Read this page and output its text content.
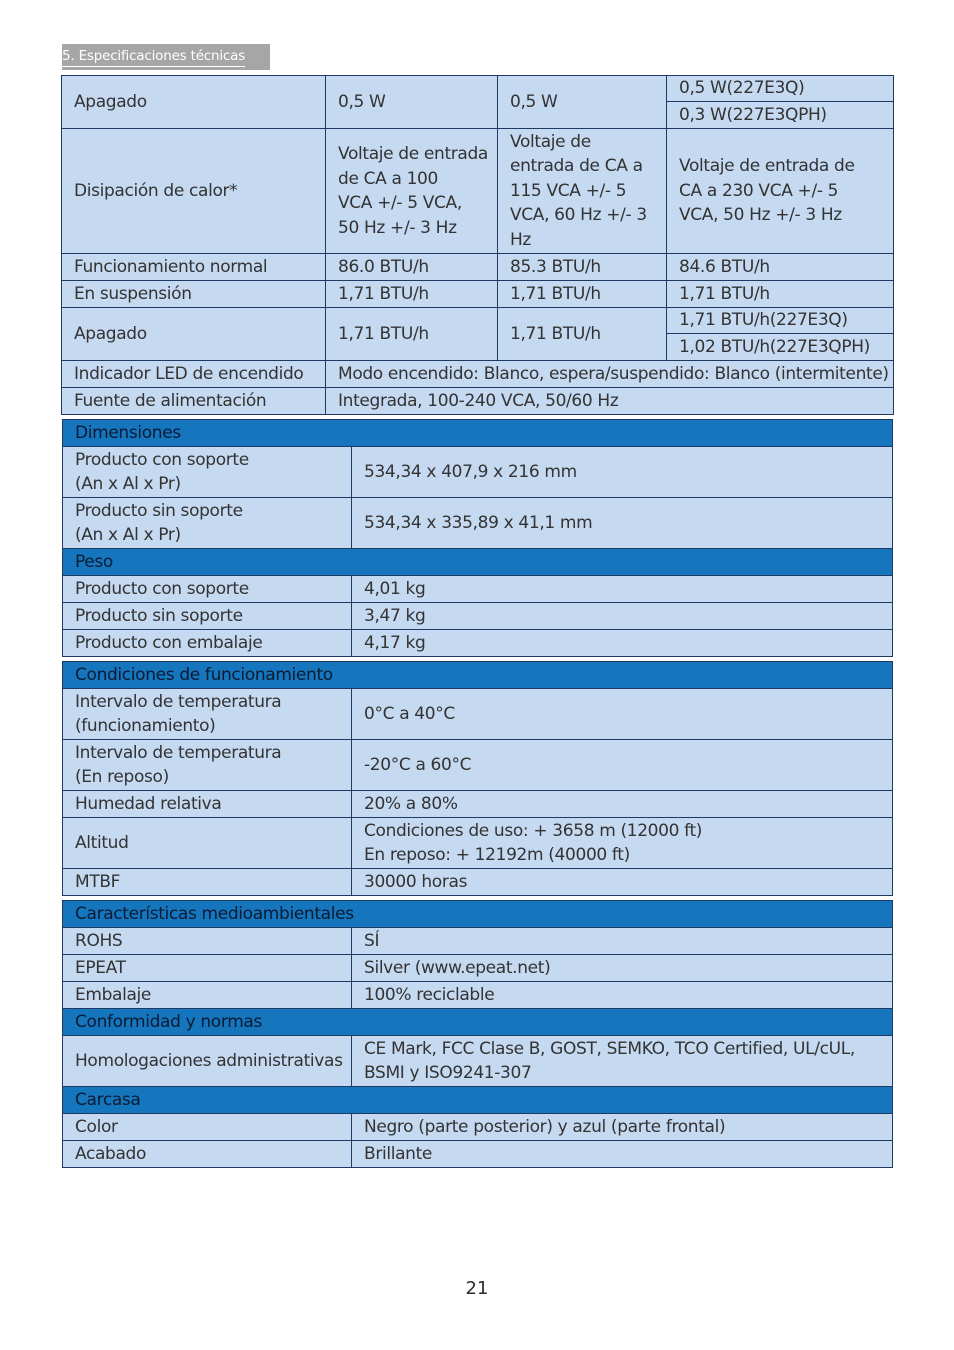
5. Especificaciones técnicas
Apagado	0,5 W	0,5 W	0,5 W(227E3Q)
			0,3 W(227E3QPH)
Disipación de calor*	Voltaje de entrada
de CA a 100
VCA +/- 5 VCA,
50 Hz +/- 3 Hz	Voltaje de
entrada de CA a
115 VCA +/- 5
VCA, 60 Hz +/- 3
Hz	Voltaje de entrada de
CA a 230 VCA +/- 5
VCA, 50 Hz +/- 3 Hz
Funcionamiento normal	86.0 BTU/h	85.3 BTU/h	84.6 BTU/h
En suspensión	1,71 BTU/h	1,71 BTU/h	1,71 BTU/h
Apagado	1,71 BTU/h	1,71 BTU/h	1,71 BTU/h(227E3Q)
			1,02 BTU/h(227E3QPH)
Indicador LED de encendido	Modo encendido: Blanco, espera/suspendido: Blanco (intermitente)		
Fuente de alimentación	Integrada, 100-240 VCA, 50/60 Hz		
Dimensiones	
Producto con soporte
(An x Al x Pr)	534,34 x 407,9 x 216 mm
Producto sin soporte
(An x Al x Pr)	534,34 x 335,89 x 41,1 mm
Peso	
Producto con soporte	4,01 kg
Producto sin soporte	3,47 kg
Producto con embalaje	4,17 kg
Condiciones de funcionamiento	
Intervalo de temperatura
(funcionamiento)	0°C a 40°C
Intervalo de temperatura
(En reposo)	-20°C a 60°C
Humedad relativa	20% a 80%
Altitud	Condiciones de uso: + 3658 m (12000 ft)
En reposo: + 12192m (40000 ft)
MTBF	30000 horas
Características medioambientales	
ROHS	SÍ
EPEAT	Silver (www.epeat.net)
Embalaje	100% reciclable
Conformidad y normas	
Homologaciones administrativas	CE Mark, FCC Clase B, GOST, SEMKO, TCO Certified, UL/cUL,
BSMI y ISO9241-307
Carcasa	
Color	Negro (parte posterior) y azul (parte frontal)
Acabado	Brillante
21
